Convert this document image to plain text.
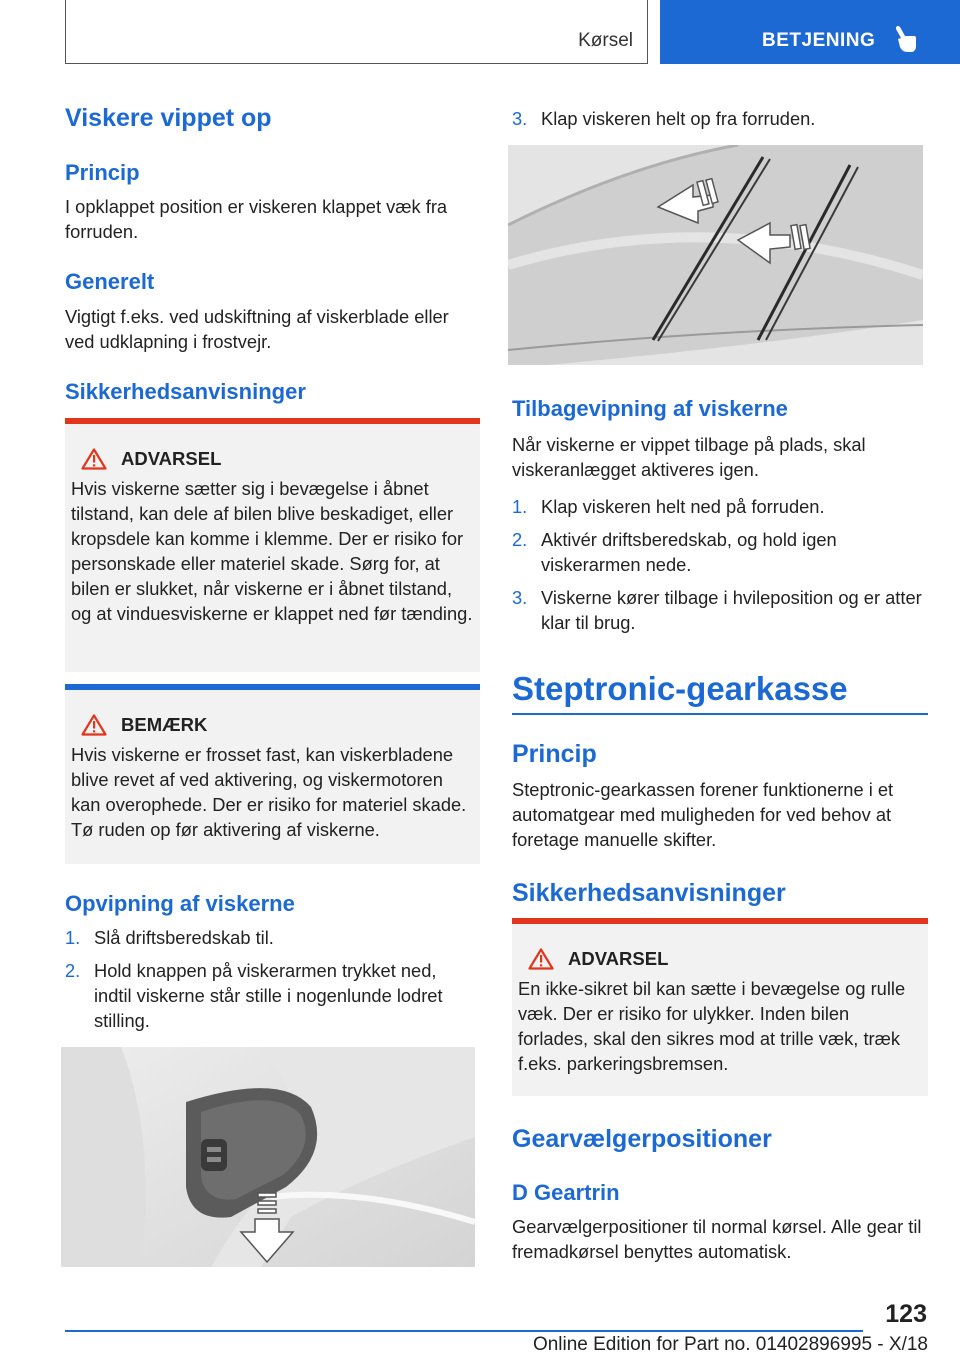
Kørsel	BETJENING
Viskere vippet op
Princip

I opklappet position er viskeren klappet væk fra forruden.

Generelt

Vigtigt f.eks. ved udskiftning af viskerblade eller ved udklapning i frostvejr.

Sikkerhedsanvisninger
ADVARSEL

Hvis viskerne sætter sig i bevægelse i åbnet tilstand, kan dele af bilen blive beskadiget, eller kropsdele kan komme i klemme. Der er risiko for personskade eller materiel skade. Sørg for, at bilen er slukket, når viskerne er i åbnet tilstand, og at vinduesviskerne er klappet ned før tænding.

BEMÆRK

Hvis viskerne er frosset fast, kan viskerbladene blive revet af ved aktivering, og viskermotoren kan overophede. Der er risiko for materiel skade. Tø ruden op før aktivering af viskerne.

Opvipning af viskerne
1. Slå driftsberedskab til.
2. Hold knappen på viskerarmen trykket ned, indtil viskerne står stille i nogenlunde lodret stilling.
3. Klap viskeren helt op fra forruden.
Tilbagevipning af viskerne

Når viskerne er vippet tilbage på plads, skal viskeranlægget aktiveres igen.

1. Klap viskeren helt ned på forruden.
2. Aktivér driftsberedskab, og hold igen viskerarmen nede.
3. Viskerne kører tilbage i hvileposition og er atter klar til brug.
Steptronic-gearkasse
Princip

Steptronic-gearkassen forener funktionerne i et automatgear med muligheden for ved behov at foretage manuelle skifter.

Sikkerhedsanvisninger
ADVARSEL

En ikke-sikret bil kan sætte i bevægelse og rulle væk. Der er risiko for ulykker. Inden bilen forlades, skal den sikres mod at trille væk, træk f.eks. parkeringsbremsen.

Gearvælgerpositioner
D Geartrin

Gearvælgerpositioner til normal kørsel. Alle gear til fremadkørsel benyttes automatisk.

123
Online Edition for Part no. 01402896995 - X/18
